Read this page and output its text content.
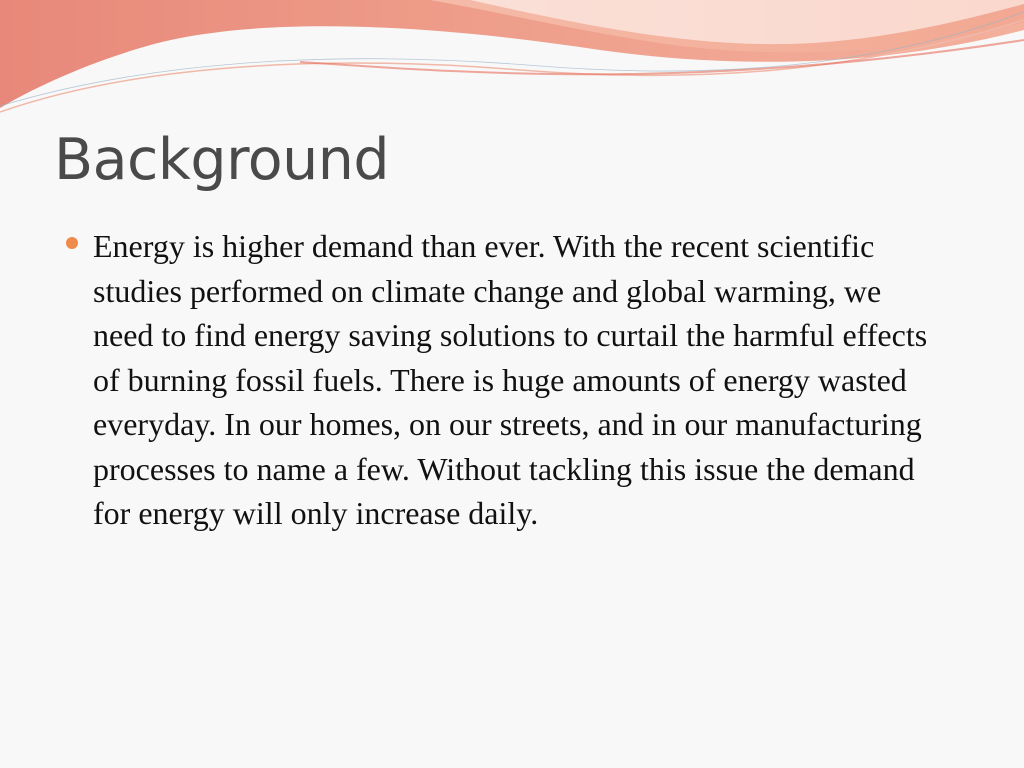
Background
Energy is higher demand than ever. With the recent scientific studies performed on climate change and global warming, we need to find energy saving solutions to curtail the harmful effects of burning fossil fuels. There is huge amounts of energy wasted everyday. In our homes, on our streets, and in our manufacturing processes to name a few. Without tackling this issue the demand for energy will only increase daily.
